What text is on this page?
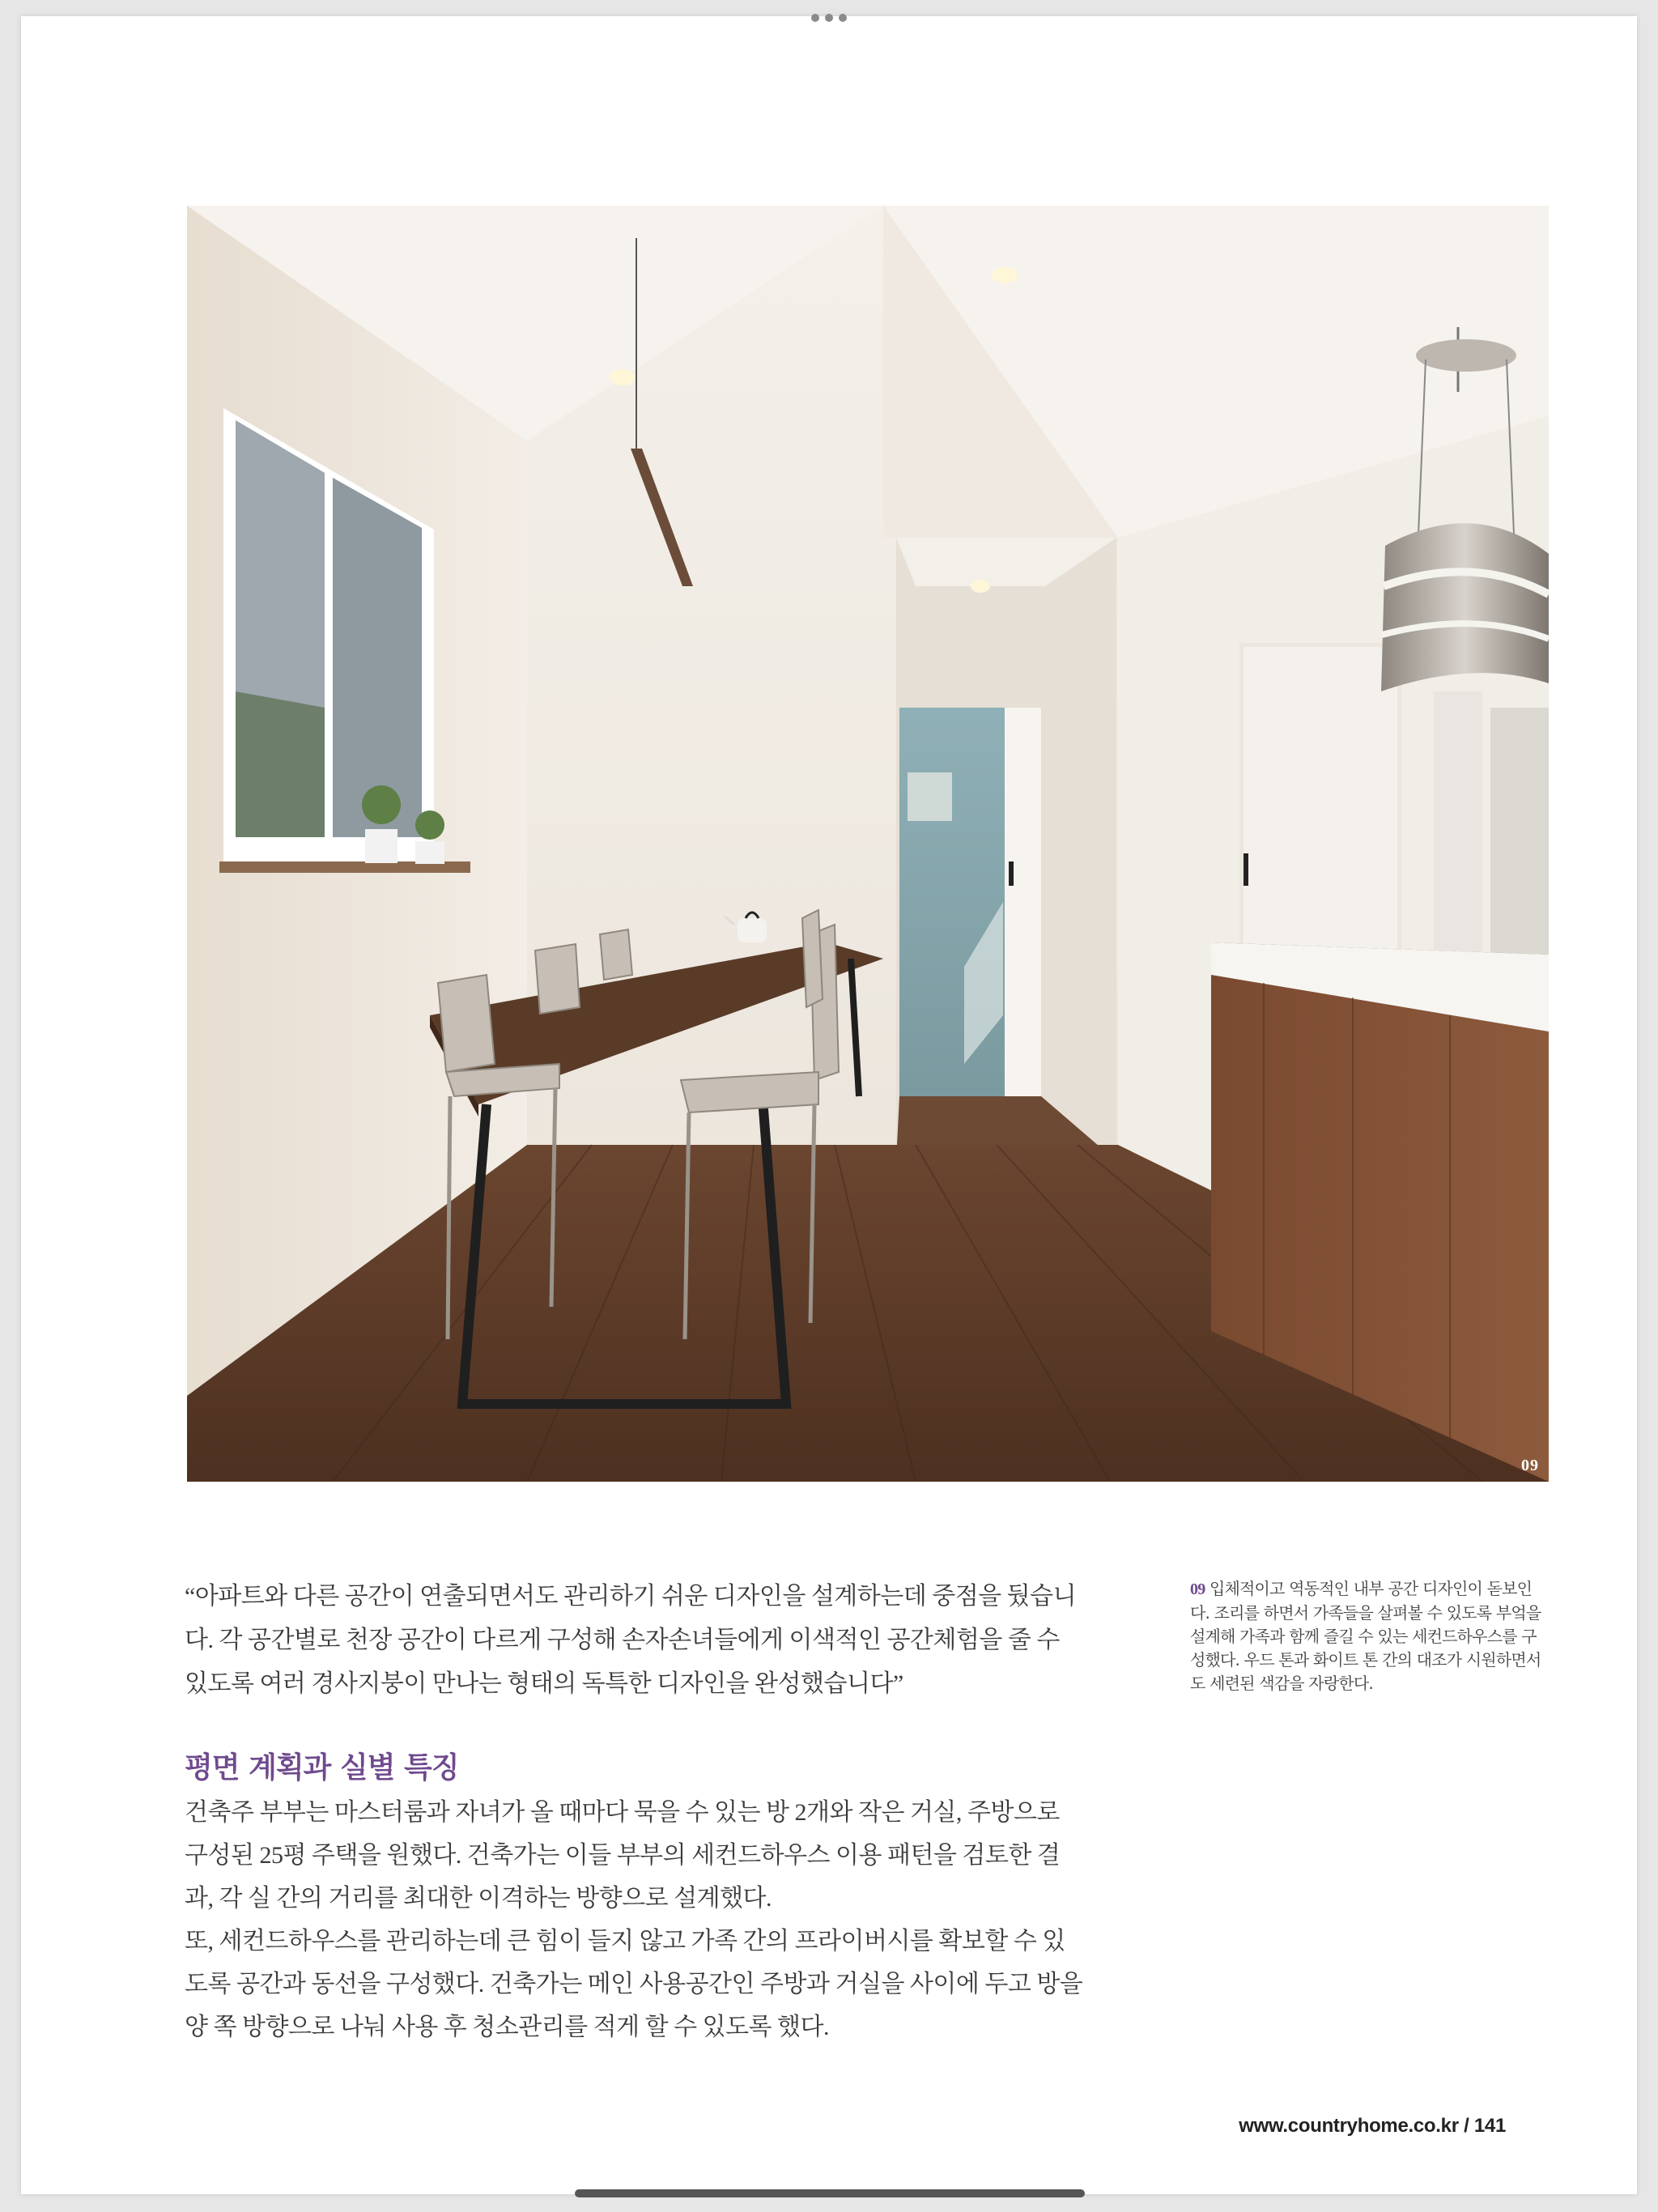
09

“아파트와 다른 공간이 연출되면서도 관리하기 쉬운 디자인을 설계하는데 중점을 뒀습니다. 각 공간별로 천장 공간이 다르게 구성해 손자손녀들에게 이색적인 공간체험을 줄 수 있도록 여러 경사지붕이 만나는 형태의 독특한 디자인을 완성했습니다”

평면 계획과 실별 특징

건축주 부부는 마스터룸과 자녀가 올 때마다 묵을 수 있는 방 2개와 작은 거실, 주방으로 구성된 25평 주택을 원했다. 건축가는 이들 부부의 세컨드하우스 이용 패턴을 검토한 결과, 각 실 간의 거리를 최대한 이격하는 방향으로 설계했다.

또, 세컨드하우스를 관리하는데 큰 힘이 들지 않고 가족 간의 프라이버시를 확보할 수 있도록 공간과 동선을 구성했다. 건축가는 메인 사용공간인 주방과 거실을 사이에 두고 방을 양 쪽 방향으로 나눠 사용 후 청소관리를 적게 할 수 있도록 했다.

09 입체적이고 역동적인 내부 공간 디자인이 돋보인다. 조리를 하면서 가족들을 살펴볼 수 있도록 부엌을 설계해 가족과 함께 즐길 수 있는 세컨드하우스를 구성했다. 우드 톤과 화이트 톤 간의 대조가 시원하면서도 세련된 색감을 자랑한다.
www.countryhome.co.kr / 141
